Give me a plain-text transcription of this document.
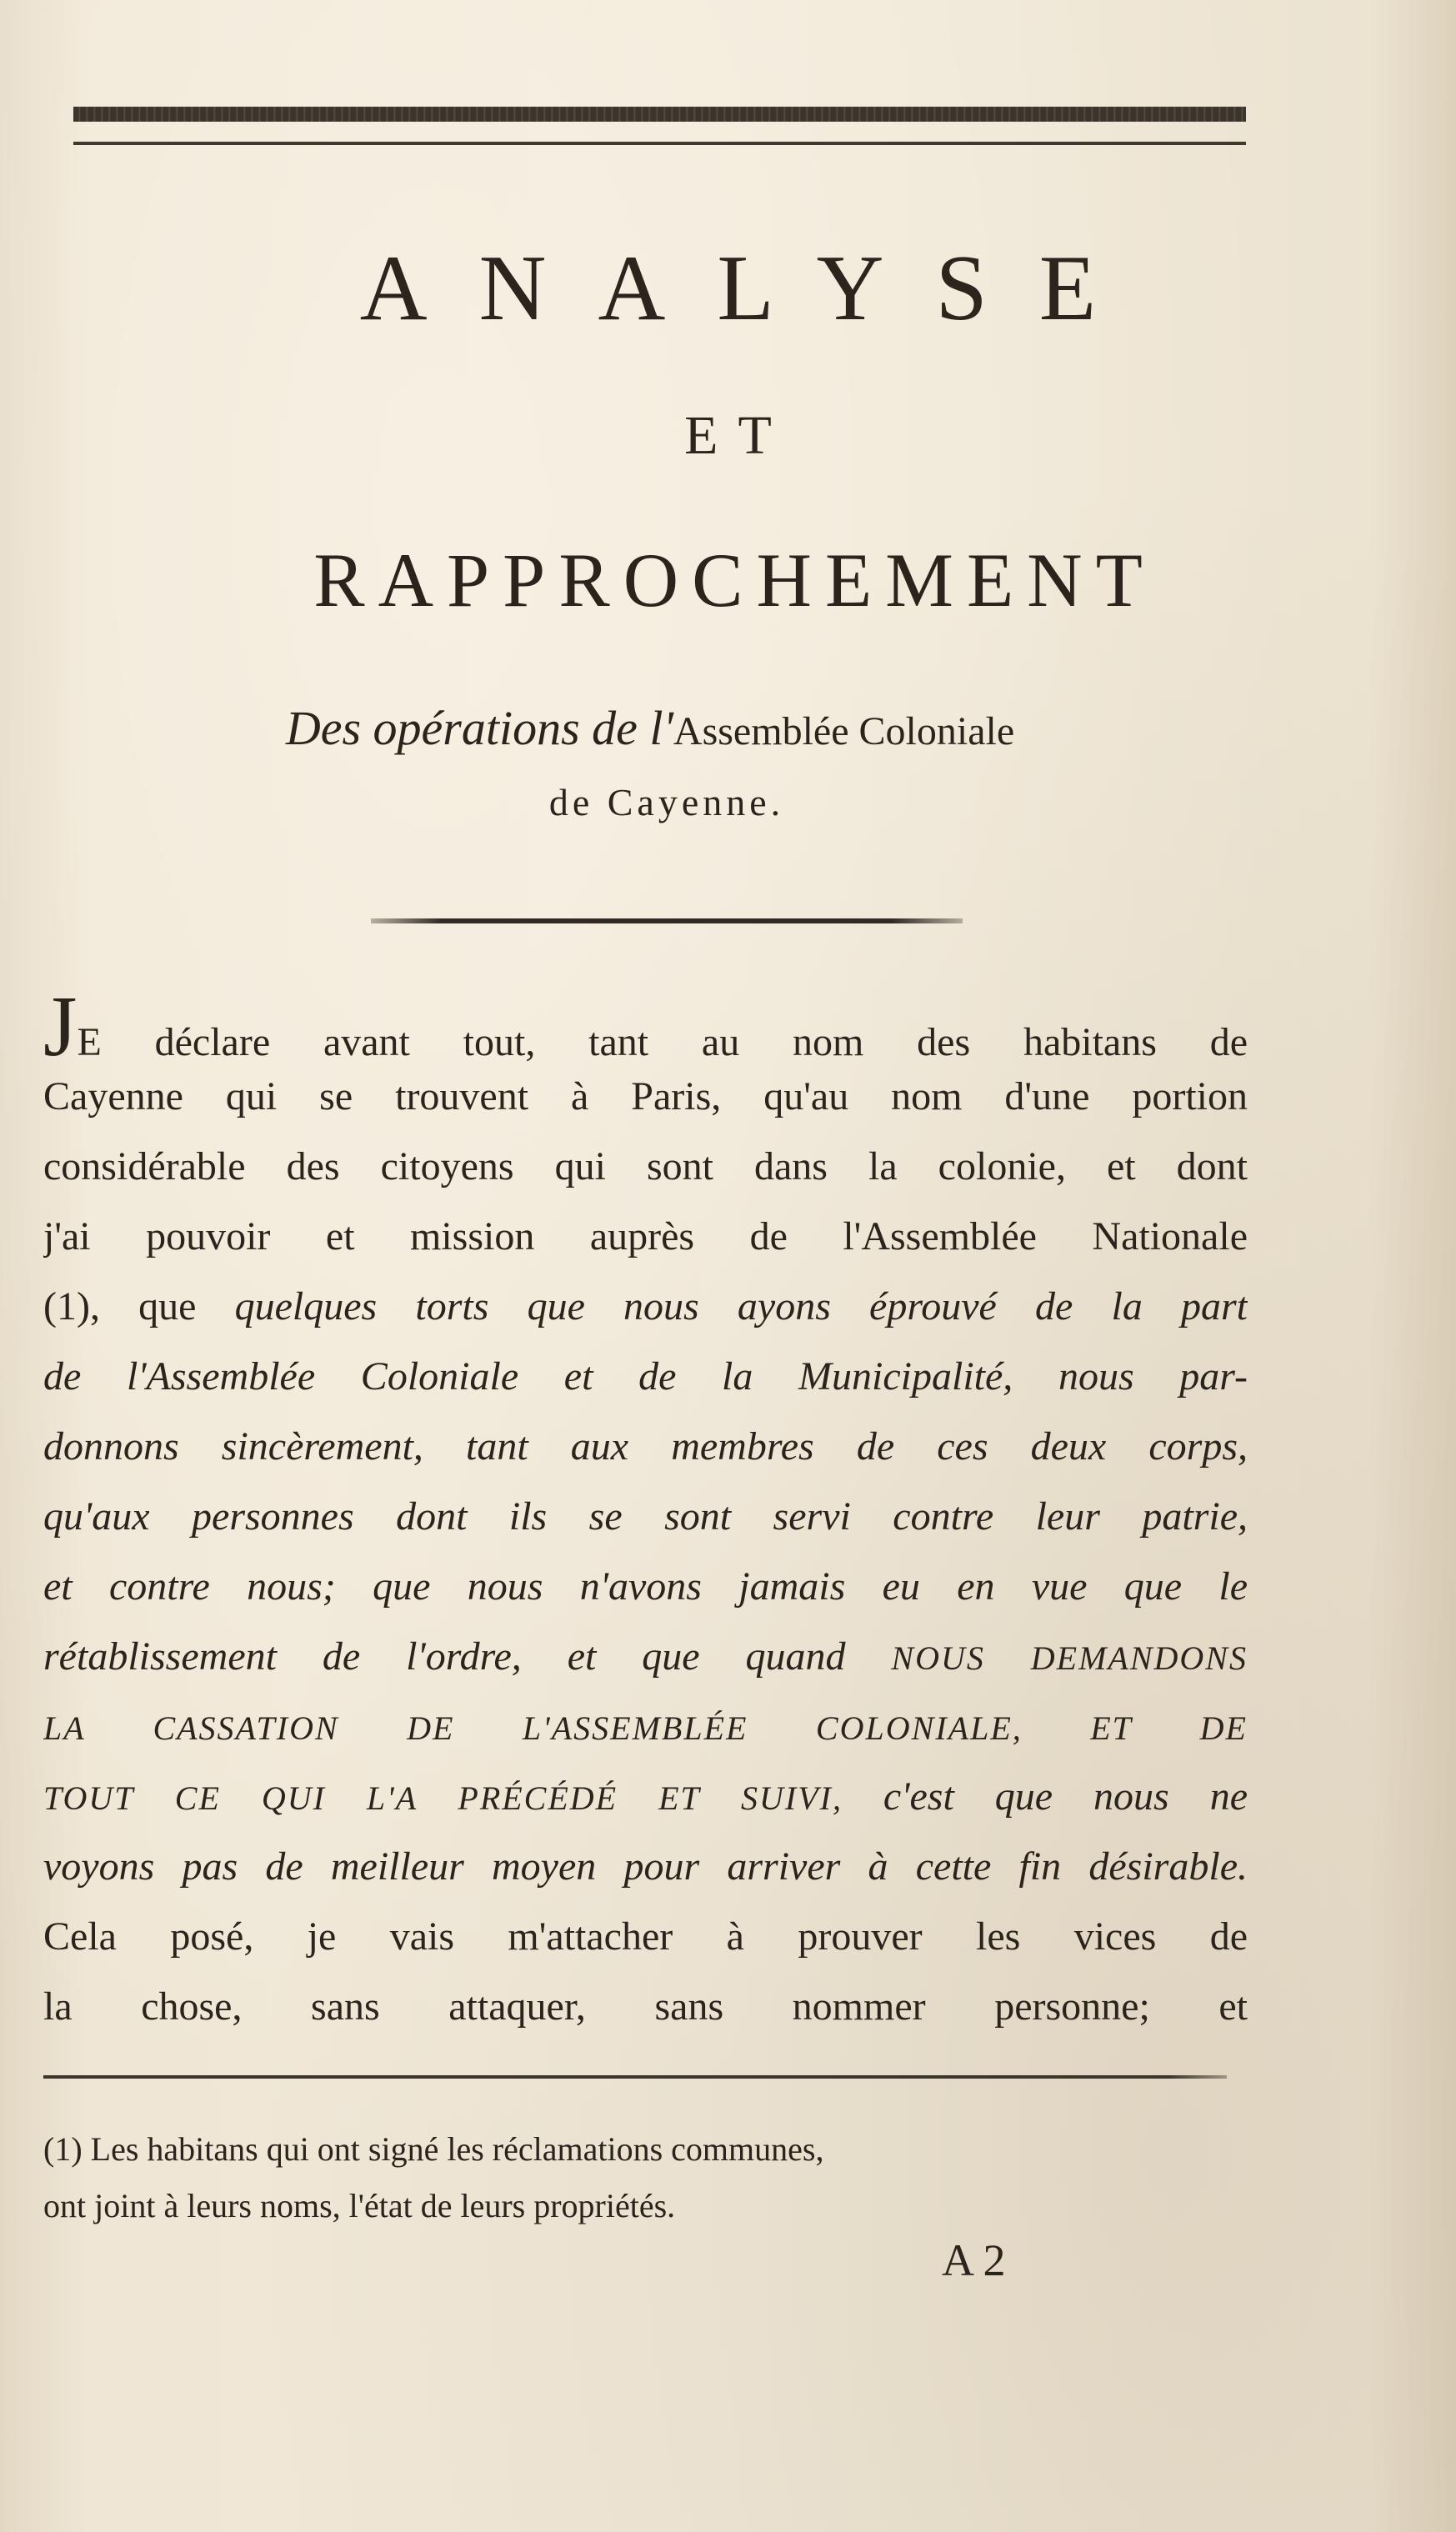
ANALYSE
ET
RAPPROCHEMENT
Des opérations de l'Assemblée Coloniale
de Cayenne.
JE déclare avant tout, tant au nom des habitans de
Cayenne qui se trouvent à Paris, qu'au nom d'une portion
considérable des citoyens qui sont dans la colonie, et dont
j'ai pouvoir et mission auprès de l'Assemblée Nationale
(1), que quelques torts que nous ayons éprouvé de la part
de l'Assemblée Coloniale et de la Municipalité, nous par-
donnons sincèrement, tant aux membres de ces deux corps,
qu'aux personnes dont ils se sont servi contre leur patrie,
et contre nous; que nous n'avons jamais eu en vue que le
rétablissement de l'ordre, et que quand NOUS DEMANDONS
LA CASSATION DE L'ASSEMBLÉE COLONIALE, ET DE
TOUT CE QUI L'A PRÉCÉDÉ ET SUIVI, c'est que nous ne
voyons pas de meilleur moyen pour arriver à cette fin désirable.
Cela posé, je vais m'attacher à prouver les vices de
la chose, sans attaquer, sans nommer personne; et
(1) Les habitans qui ont signé les réclamations communes,
ont joint à leurs noms, l'état de leurs propriétés.
A 2
